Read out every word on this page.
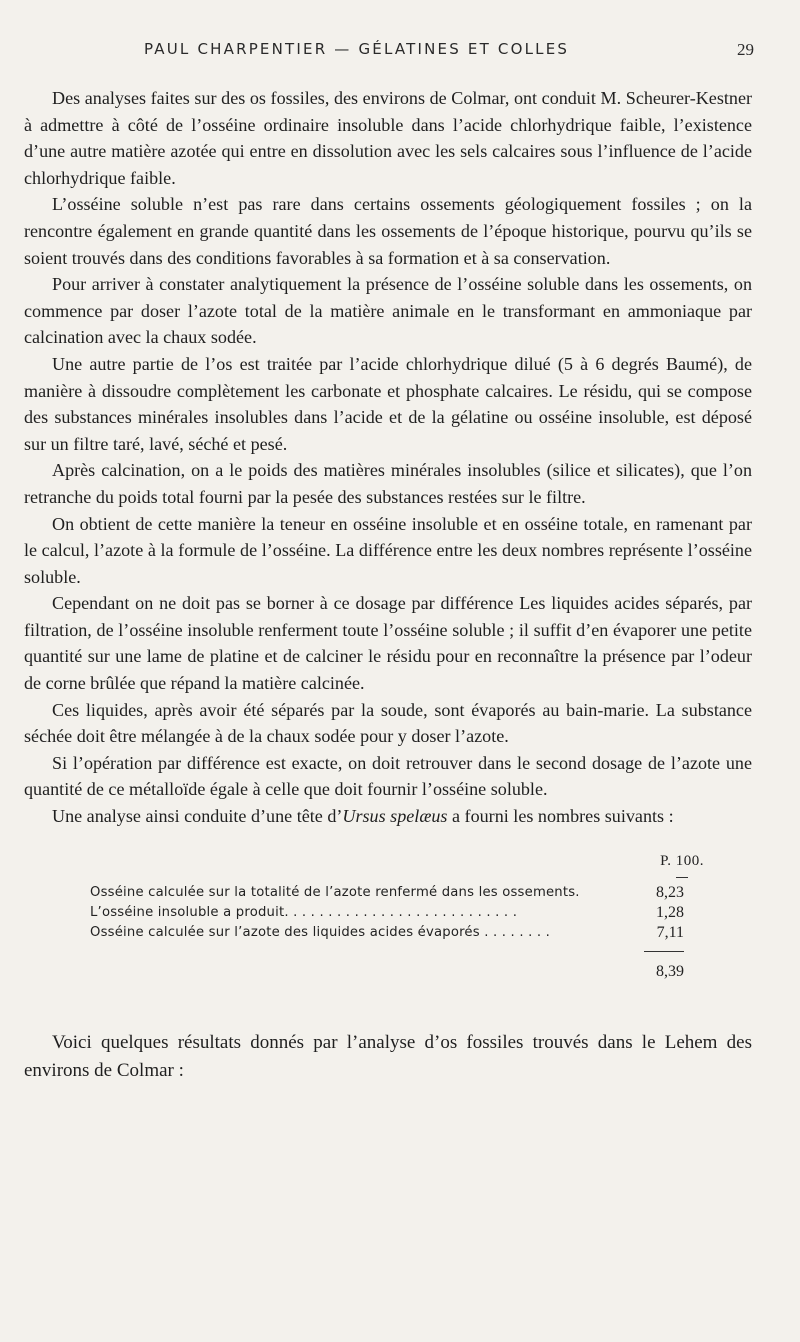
PAUL CHARPENTIER — GÉLATINES ET COLLES	29

Des analyses faites sur des os fossiles, des environs de Colmar, ont conduit M. Scheurer-Kestner à admettre à côté de l’osséine ordinaire insoluble dans l’acide chlorhydrique faible, l’existence d’une autre matière azotée qui entre en dissolution avec les sels calcaires sous l’influence de l’acide chlorhydrique faible.

L’osséine soluble n’est pas rare dans certains ossements géologiquement fossiles ; on la rencontre également en grande quantité dans les ossements de l’époque historique, pourvu qu’ils se soient trouvés dans des conditions favorables à sa formation et à sa conservation.

Pour arriver à constater analytiquement la présence de l’osséine soluble dans les ossements, on commence par doser l’azote total de la matière animale en le transformant en ammoniaque par calcination avec la chaux sodée.

Une autre partie de l’os est traitée par l’acide chlorhydrique dilué (5 à 6 degrés Baumé), de manière à dissoudre complètement les carbonate et phosphate calcaires. Le résidu, qui se compose des substances minérales insolubles dans l’acide et de la gélatine ou osséine insoluble, est déposé sur un filtre taré, lavé, séché et pesé.

Après calcination, on a le poids des matières minérales insolubles (silice et silicates), que l’on retranche du poids total fourni par la pesée des substances restées sur le filtre.

On obtient de cette manière la teneur en osséine insoluble et en osséine totale, en ramenant par le calcul, l’azote à la formule de l’osséine. La différence entre les deux nombres représente l’osséine soluble.

Cependant on ne doit pas se borner à ce dosage par différence Les liquides acides séparés, par filtration, de l’osséine insoluble renferment toute l’osséine soluble ; il suffit d’en évaporer une petite quantité sur une lame de platine et de calciner le résidu pour en reconnaître la présence par l’odeur de corne brûlée que répand la matière calcinée.

Ces liquides, après avoir été séparés par la soude, sont évaporés au bain-marie. La substance séchée doit être mélangée à de la chaux sodée pour y doser l’azote.

Si l’opération par différence est exacte, on doit retrouver dans le second dosage de l’azote une quantité de ce métalloïde égale à celle que doit fournir l’osséine soluble.

Une analyse ainsi conduite d’une tête d’Ursus spelæus a fourni les nombres suivants :

P. 100.
Osséine calculée sur la totalité de l’azote renfermé dans les ossements.	8,23
L’osséine insoluble a produit. . . . . . . . . . . . . . . . . . . . . . . . . . .	1,28
Osséine calculée sur l’azote des liquides acides évaporés . . . . . . . .	7,11
8,39

Voici quelques résultats donnés par l’analyse d’os fossiles trouvés dans le Lehem des environs de Colmar :
